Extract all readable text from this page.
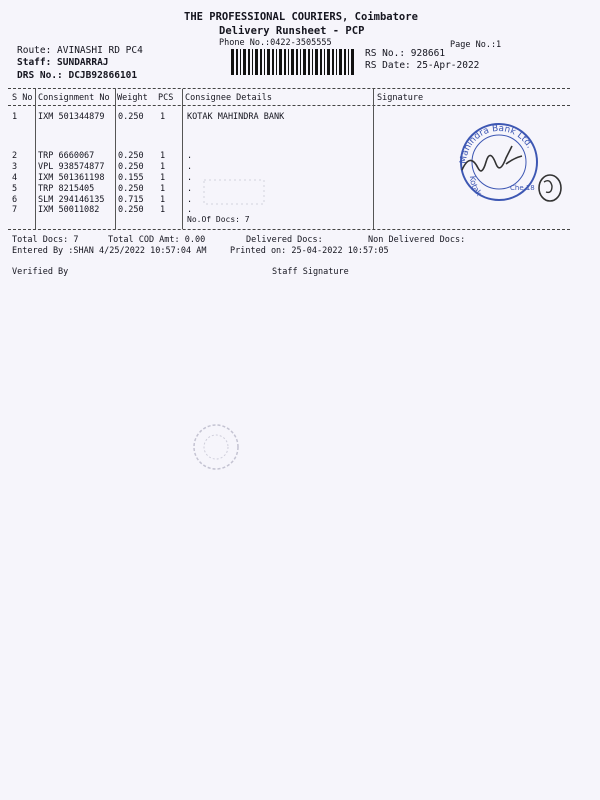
THE PROFESSIONAL COURIERS, Coimbatore
Delivery Runsheet - PCP
Phone No.:0422-3505555	Page No.:1
Route: AVINASHI RD PC4
Staff: SUNDARRAJ
DRS No.: DCJB92866101
RS No.: 928661
RS Date: 25-Apr-2022
S No Consignment No Weight PCS Consignee Details	Signature
1 IXM 501344879 0.250 1	KOTAK MAHINDRA BANK
2 TRP 6660067	0.250 1	.
3 VPL 938574877 0.250 1	.
4 IXM 501361198 0.155 1	.
5 TRP 8215405	0.250 1	.
6 SLM 294146135 0.715 1	.
7 IXM 50011082 0.250 1	.
No.Of Docs: 7
Mahindra Bank Ltd.
Kotak
Che.18
Total Docs: 7	Total COD Amt: 0.00	Delivered Docs:	Non Delivered Docs:
Entered By :SHAN 4/25/2022 10:57:04 AM	Printed on: 25-04-2022 10:57:05
Verified By	Staff Signature
